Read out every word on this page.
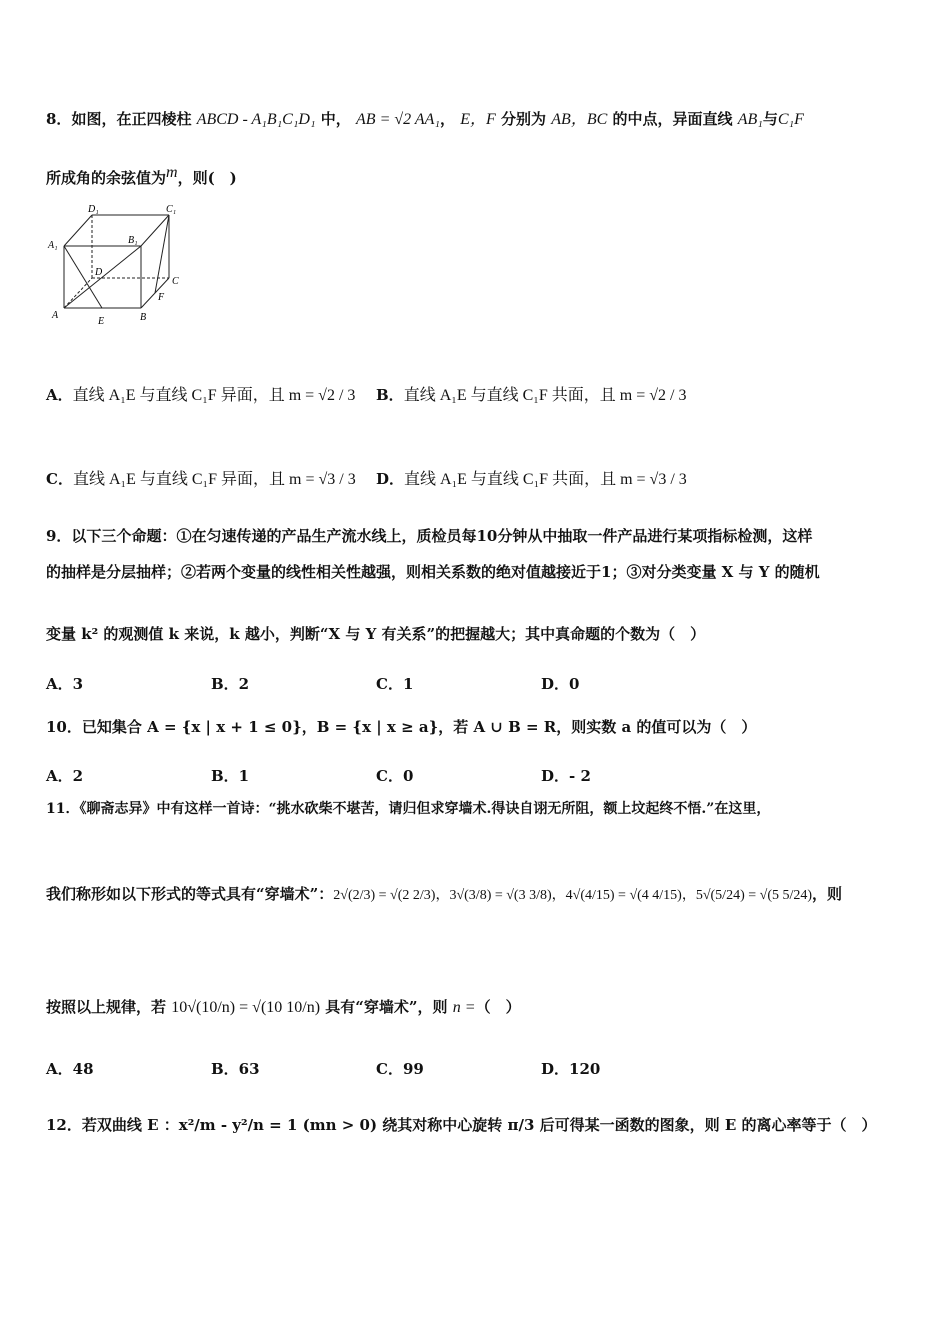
8．如图，在正四棱柱 ABCD - A₁B₁C₁D₁ 中， AB = √2 AA₁， E，F 分别为 AB，BC 的中点，异面直线 AB₁与C₁F
所成角的余弦值为$^m$，则(　)
D₁	C₁
A₁	B₁
D
C
A
E	B
F
A．直线 A₁E 与直线 C₁F 异面，且 m = √2 / 3 B．直线 A₁E 与直线 C₁F 共面，且 m = √2 / 3
C．直线 A₁E 与直线 C₁F 异面，且 m = √3 / 3 D．直线 A₁E 与直线 C₁F 共面，且 m = √3 / 3
9．以下三个命题：①在匀速传递的产品生产流水线上，质检员每10分钟从中抽取一件产品进行某项指标检测，这样
的抽样是分层抽样；②若两个变量的线性相关性越强，则相关系数的绝对值越接近于1；③对分类变量 X 与 Y 的随机
变量 k² 的观测值 k 来说，k 越小，判断“X 与 Y 有关系”的把握越大；其中真命题的个数为（　）
A．3	B．2	C．1	D．0
10．已知集合 A = {x | x + 1 ≤ 0}，B = {x | x ≥ a}，若 A ∪ B = R，则实数 a 的值可以为（　）
A．2	B．1	C．0	D．- 2
11．《聊斋志异》中有这样一首诗：“挑水砍柴不堪苦，请归但求穿墙术.得诀自诩无所阻，额上坟起终不悟.”在这里，
我们称形如以下形式的等式具有“穿墙术”：2√(2/3) = √(2 2/3)，3√(3/8) = √(3 3/8)，4√(4/15) = √(4 4/15)，5√(5/24) = √(5 5/24)，则
按照以上规律，若 10√(10/n) = √(10 10/n) 具有“穿墙术”，则 n =（　）
A．48	B．63	C．99	D．120
12．若双曲线 E ：x²/m - y²/n = 1 (mn > 0) 绕其对称中心旋转 π/3 后可得某一函数的图象，则 E 的离心率等于（　）
